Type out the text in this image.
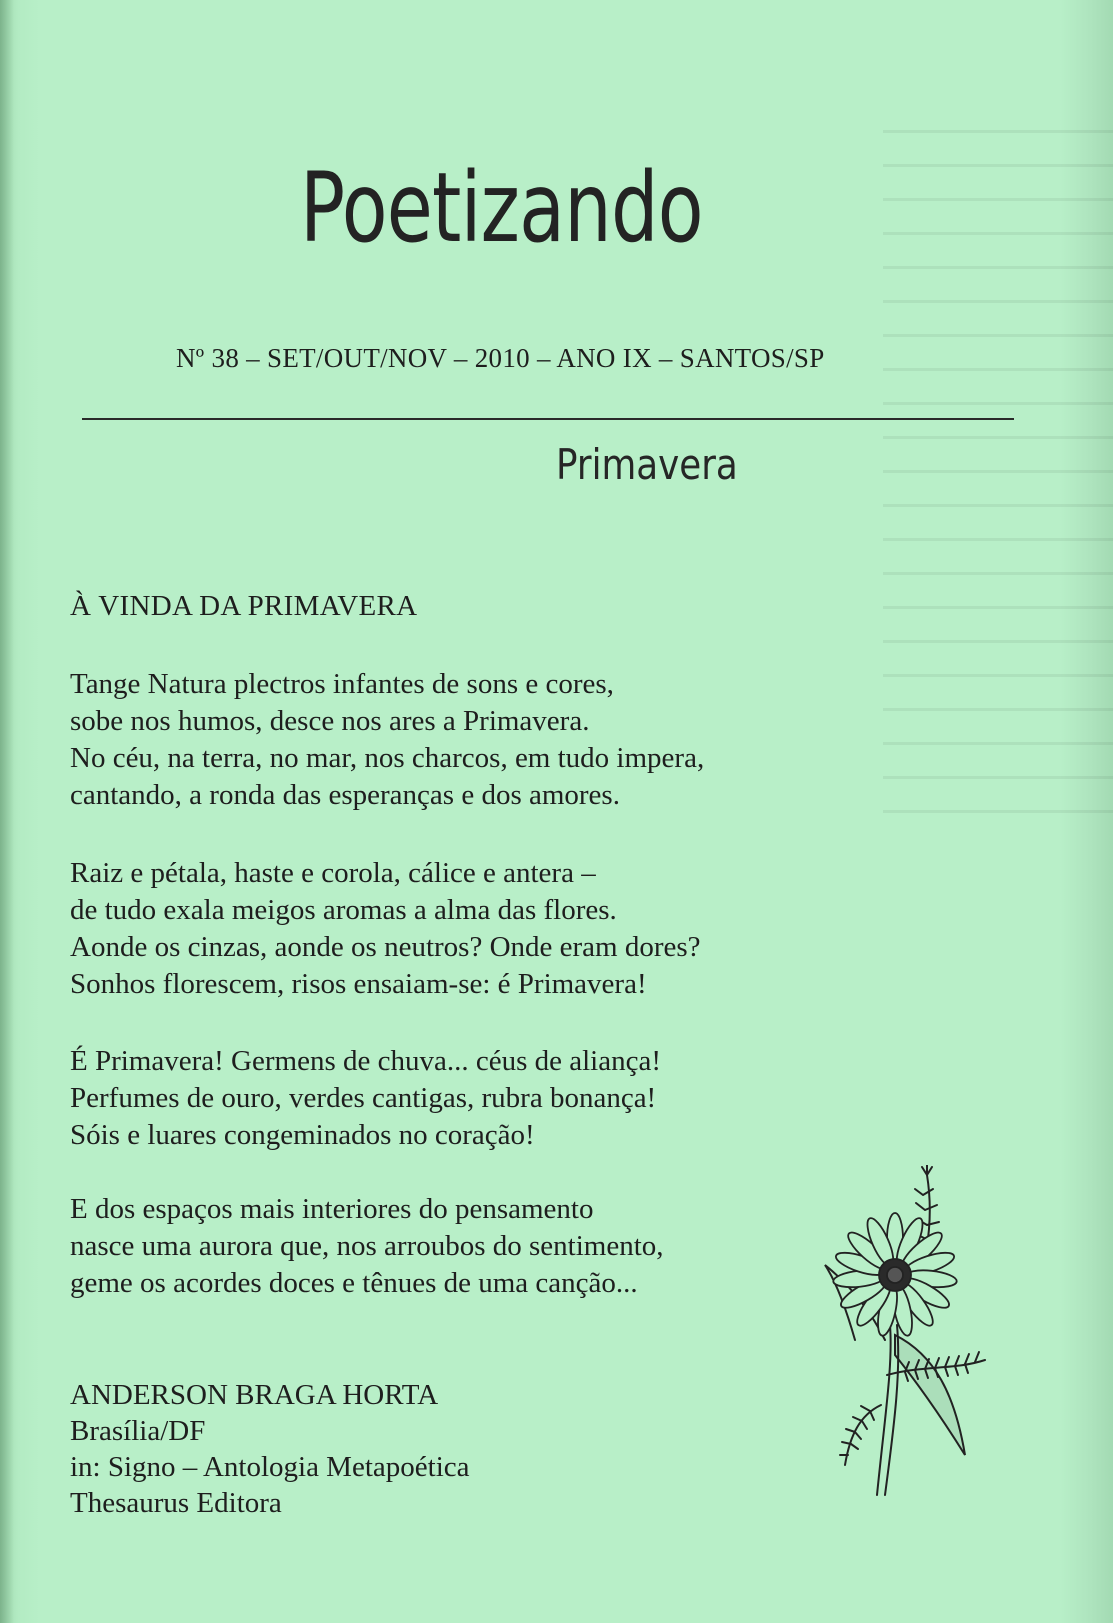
Poetizando
Nº 38 – SET/OUT/NOV – 2010 – ANO IX – SANTOS/SP
Primavera
À VINDA DA PRIMAVERA
Tange Natura plectros infantes de sons e cores,
sobe nos humos, desce nos ares a Primavera.
No céu, na terra, no mar, nos charcos, em tudo impera,
cantando, a ronda das esperanças e dos amores.
Raiz e pétala, haste e corola, cálice e antera –
de tudo exala meigos aromas a alma das flores.
Aonde os cinzas, aonde os neutros? Onde eram dores?
Sonhos florescem, risos ensaiam-se: é Primavera!
É Primavera! Germens de chuva... céus de aliança!
Perfumes de ouro, verdes cantigas, rubra bonança!
Sóis e luares congeminados no coração!
E dos espaços mais interiores do pensamento
nasce uma aurora que, nos arroubos do sentimento,
geme os acordes doces e tênues de uma canção...
ANDERSON BRAGA HORTA
Brasília/DF
in: Signo – Antologia Metapoética
Thesaurus Editora
